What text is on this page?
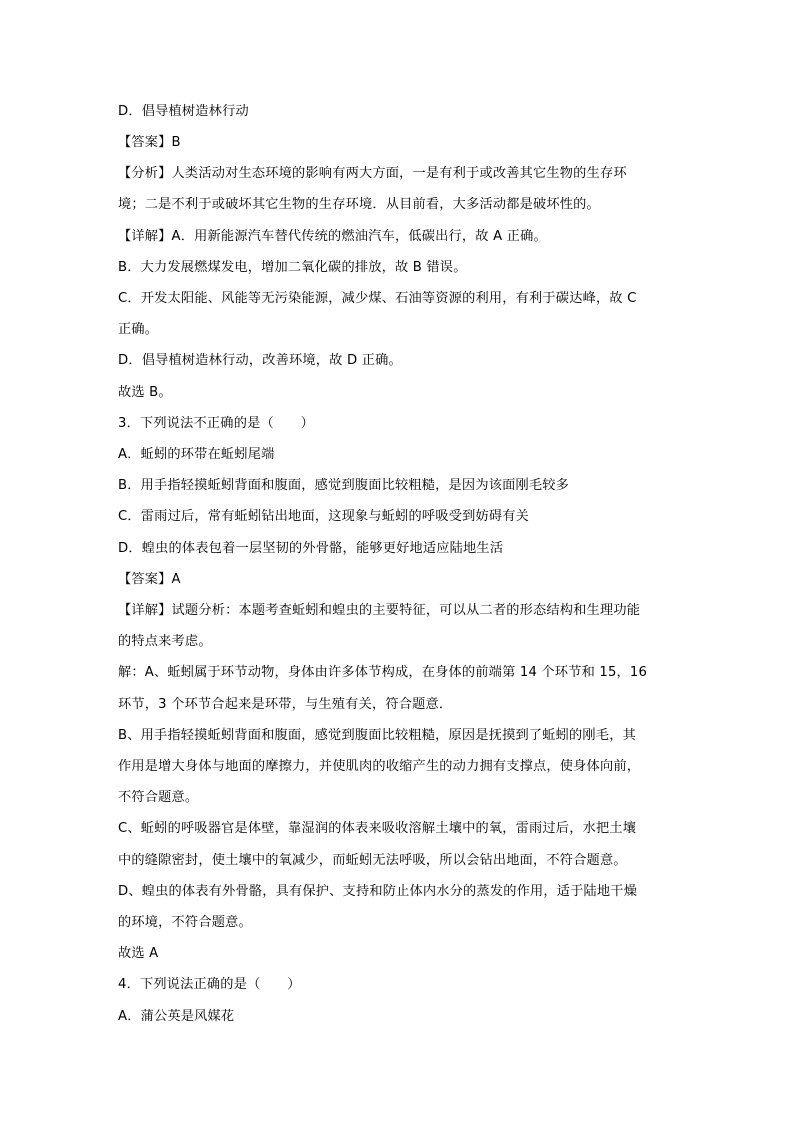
D．倡导植树造林行动
【答案】B
【分析】人类活动对生态环境的影响有两大方面，一是有利于或改善其它生物的生存环
境；二是不利于或破坏其它生物的生存环境．从目前看，大多活动都是破坏性的。
【详解】A．用新能源汽车替代传统的燃油汽车，低碳出行，故 A 正确。
B．大力发展燃煤发电，增加二氧化碳的排放，故 B 错误。
C．开发太阳能、风能等无污染能源，减少煤、石油等资源的利用，有利于碳达峰，故 C
正确。
D．倡导植树造林行动，改善环境，故 D 正确。
故选 B。
3．下列说法不正确的是（　　）
A．蚯蚓的环带在蚯蚓尾端
B．用手指轻摸蚯蚓背面和腹面，感觉到腹面比较粗糙，是因为该面刚毛较多
C．雷雨过后，常有蚯蚓钻出地面，这现象与蚯蚓的呼吸受到妨碍有关
D．蝗虫的体表包着一层坚韧的外骨骼，能够更好地适应陆地生活
【答案】A
【详解】试题分析：本题考查蚯蚓和蝗虫的主要特征，可以从二者的形态结构和生理功能
的特点来考虑。
解：A、蚯蚓属于环节动物，身体由许多体节构成，在身体的前端第 14 个环节和 15，16
环节，3 个环节合起来是环带，与生殖有关，符合题意．
B、用手指轻摸蚯蚓背面和腹面，感觉到腹面比较粗糙，原因是抚摸到了蚯蚓的刚毛，其
作用是增大身体与地面的摩擦力，并使肌肉的收缩产生的动力拥有支撑点，使身体向前，
不符合题意。
C、蚯蚓的呼吸器官是体壁，靠湿润的体表来吸收溶解土壤中的氧，雷雨过后，水把土壤
中的缝隙密封，使土壤中的氧减少，而蚯蚓无法呼吸，所以会钻出地面，不符合题意。
D、蝗虫的体表有外骨骼，具有保护、支持和防止体内水分的蒸发的作用，适于陆地干燥
的环境，不符合题意。
故选 A
4．下列说法正确的是（　　）
A．蒲公英是风媒花
